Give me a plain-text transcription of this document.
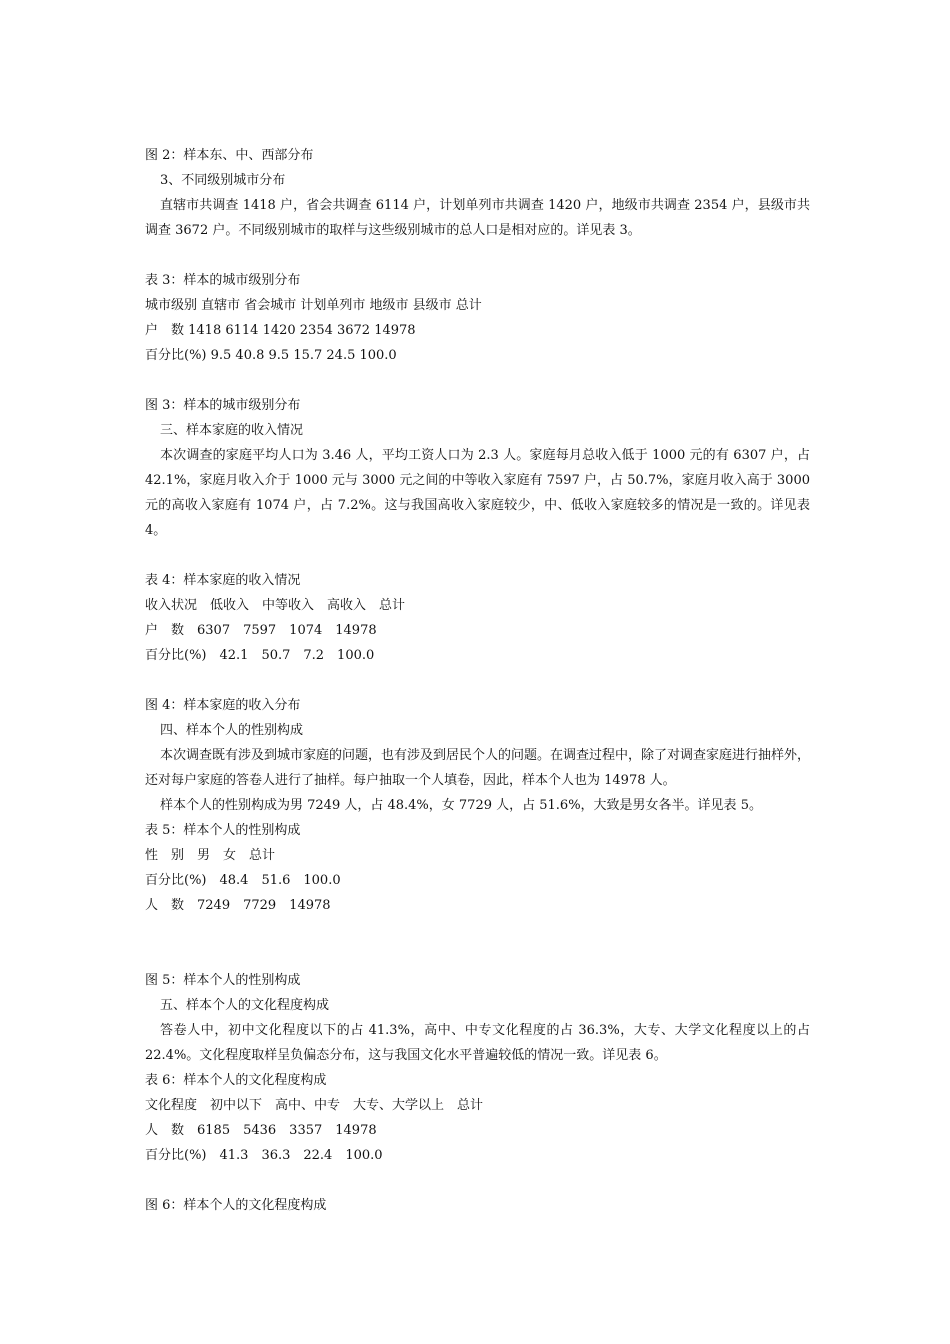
图 2：样本东、中、西部分布

3、不同级别城市分布

直辖市共调查 1418 户，省会共调查 6114 户，计划单列市共调查 1420 户，地级市共调查 2354 户，县级市共调查 3672 户。不同级别城市的取样与这些级别城市的总人口是相对应的。详见表 3。

表 3：样本的城市级别分布

城市级别 直辖市 省会城市 计划单列市 地级市 县级市 总计

户　数 1418 6114 1420 2354 3672 14978

百分比(%) 9.5 40.8 9.5 15.7 24.5 100.0

图 3：样本的城市级别分布

三、样本家庭的收入情况

本次调查的家庭平均人口为 3.46 人，平均工资人口为 2.3 人。家庭每月总收入低于 1000 元的有 6307 户，占 42.1%，家庭月收入介于 1000 元与 3000 元之间的中等收入家庭有 7597 户，占 50.7%，家庭月收入高于 3000 元的高收入家庭有 1074 户，占 7.2%。这与我国高收入家庭较少，中、低收入家庭较多的情况是一致的。详见表 4。

表 4：样本家庭的收入情况

收入状况　低收入　中等收入　高收入　总计

户　数　6307　7597　1074　14978

百分比(%)　42.1　50.7　7.2　100.0

图 4：样本家庭的收入分布

四、样本个人的性别构成

本次调查既有涉及到城市家庭的问题，也有涉及到居民个人的问题。在调查过程中，除了对调查家庭进行抽样外，还对每户家庭的答卷人进行了抽样。每户抽取一个人填卷，因此，样本个人也为 14978 人。

样本个人的性别构成为男 7249 人，占 48.4%，女 7729 人，占 51.6%，大致是男女各半。详见表 5。

表 5：样本个人的性别构成

性　别　男　女　总计

百分比(%)　48.4　51.6　100.0

人　数　7249　7729　14978

图 5：样本个人的性别构成

五、样本个人的文化程度构成

答卷人中，初中文化程度以下的占 41.3%，高中、中专文化程度的占 36.3%，大专、大学文化程度以上的占 22.4%。文化程度取样呈负偏态分布，这与我国文化水平普遍较低的情况一致。详见表 6。

表 6：样本个人的文化程度构成

文化程度　初中以下　高中、中专　大专、大学以上　总计

人　数　6185　5436　3357　14978

百分比(%)　41.3　36.3　22.4　100.0

图 6：样本个人的文化程度构成
